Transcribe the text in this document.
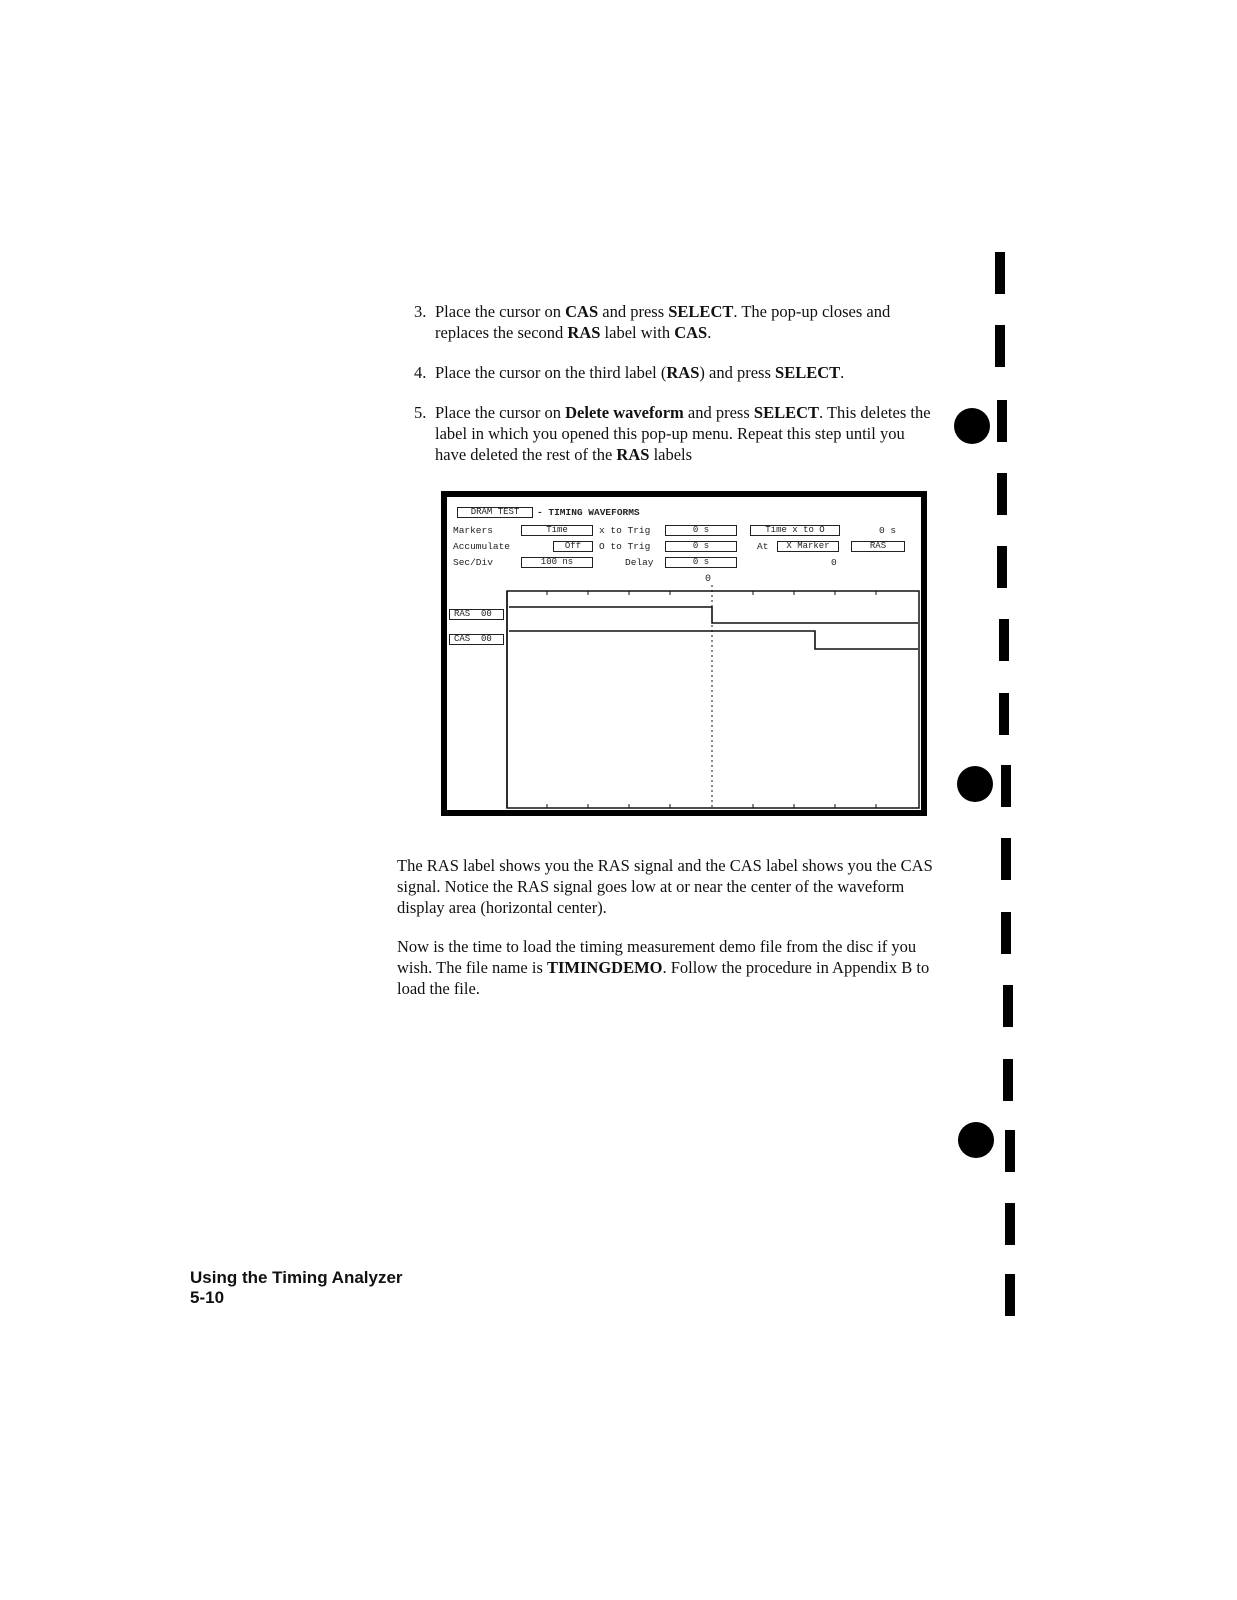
3. Place the cursor on CAS and press SELECT. The pop-up closes and replaces the second RAS label with CAS.
4. Place the cursor on the third label (RAS) and press SELECT.
5. Place the cursor on Delete waveform and press SELECT. This deletes the label in which you opened this pop-up menu. Repeat this step until you have deleted the rest of the RAS labels
DRAM TEST	- TIMING WAVEFORMS
Markers	Time	x to Trig	0 s	Time x to O	0 s
Accumulate	Off	O to Trig	0 s	At	X Marker	RAS
Sec/Div	100 ns	Delay	0 s	0
0
RAS 00
CAS 00
The RAS label shows you the RAS signal and the CAS label shows you the CAS signal. Notice the RAS signal goes low at or near the center of the waveform display area (horizontal center).
Now is the time to load the timing measurement demo file from the disc if you wish. The file name is TIMINGDEMO. Follow the procedure in Appendix B to load the file.
Using the Timing Analyzer
5-10
